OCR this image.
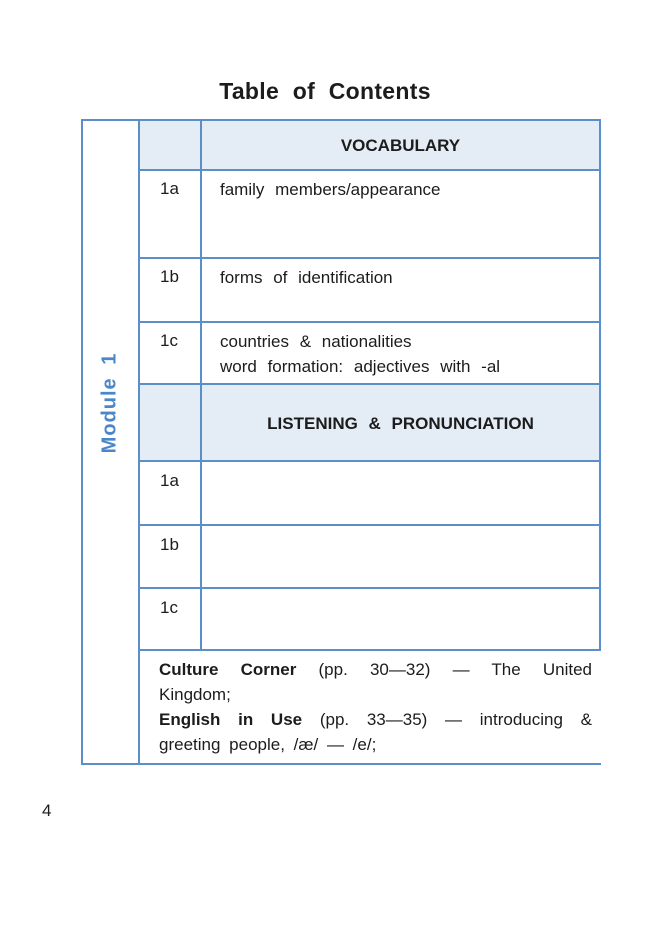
Table of Contents
Module 1
VOCABULARY
1a family members/appearance
1b forms of identification
1c countries & nationalities
word formation: adjectives with -al
LISTENING & PRONUNCIATION
1a
1b
1c
Culture Corner (pp. 30—32) — The United Kingdom;
English in Use (pp. 33—35) — introducing & greeting people, /æ/ — /e/;
4
